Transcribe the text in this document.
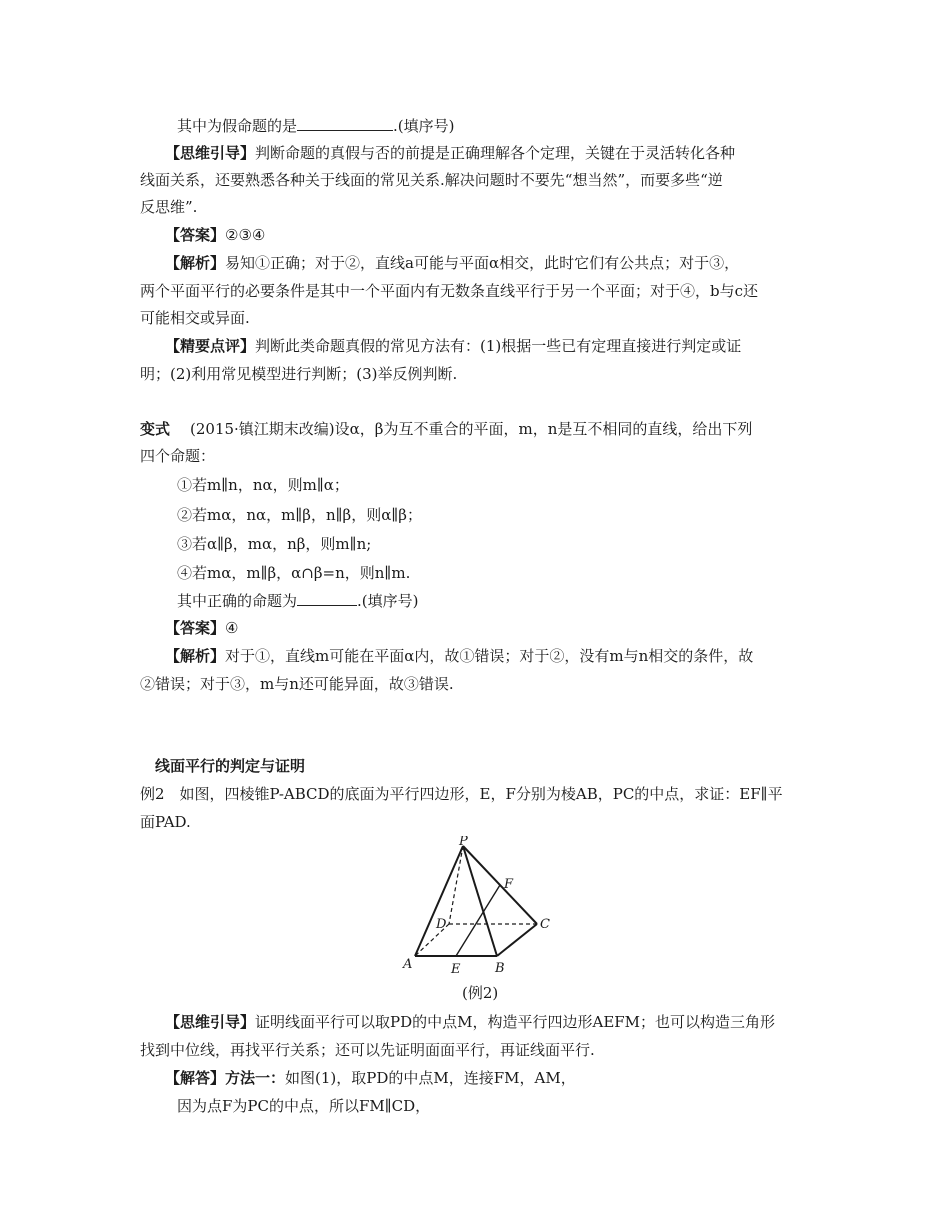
其中为假命题的是	.(填序号)
【思维引导】判断命题的真假与否的前提是正确理解各个定理，关键在于灵活转化各种
线面关系，还要熟悉各种关于线面的常见关系.解决问题时不要先“想当然”，而要多些“逆
反思维”.
【答案】②③④
【解析】易知①正确；对于②，直线a可能与平面α相交，此时它们有公共点；对于③，
两个平面平行的必要条件是其中一个平面内有无数条直线平行于另一个平面；对于④，b与c还
可能相交或异面.
【精要点评】判断此类命题真假的常见方法有：(1)根据一些已有定理直接进行判定或证
明；(2)利用常见模型进行判断；(3)举反例判断.
变式 (2015·镇江期末改编)设α，β为互不重合的平面，m，n是互不相同的直线，给出下列
四个命题：
①若m∥n，nα，则m∥α；
②若mα，nα，m∥β，n∥β，则α∥β；
③若α∥β，mα，nβ，则m∥n;
④若mα，m∥β，α∩β=n，则n∥m.
其中正确的命题为	.(填序号)
【答案】④
【解析】对于①，直线m可能在平面α内，故①错误；对于②，没有m与n相交的条件，故
②错误；对于③，m与n还可能异面，故③错误.
线面平行的判定与证明
例2　如图，四棱锥P-ABCD的底面为平行四边形，E，F分别为棱AB，PC的中点，求证：EF∥平
面PAD.
P
F
D	C
A	E	B
(例2)
【思维引导】证明线面平行可以取PD的中点M，构造平行四边形AEFM；也可以构造三角形
找到中位线，再找平行关系；还可以先证明面面平行，再证线面平行.
【解答】方法一：如图(1)，取PD的中点M，连接FM，AM，
因为点F为PC的中点，所以FM∥CD，
